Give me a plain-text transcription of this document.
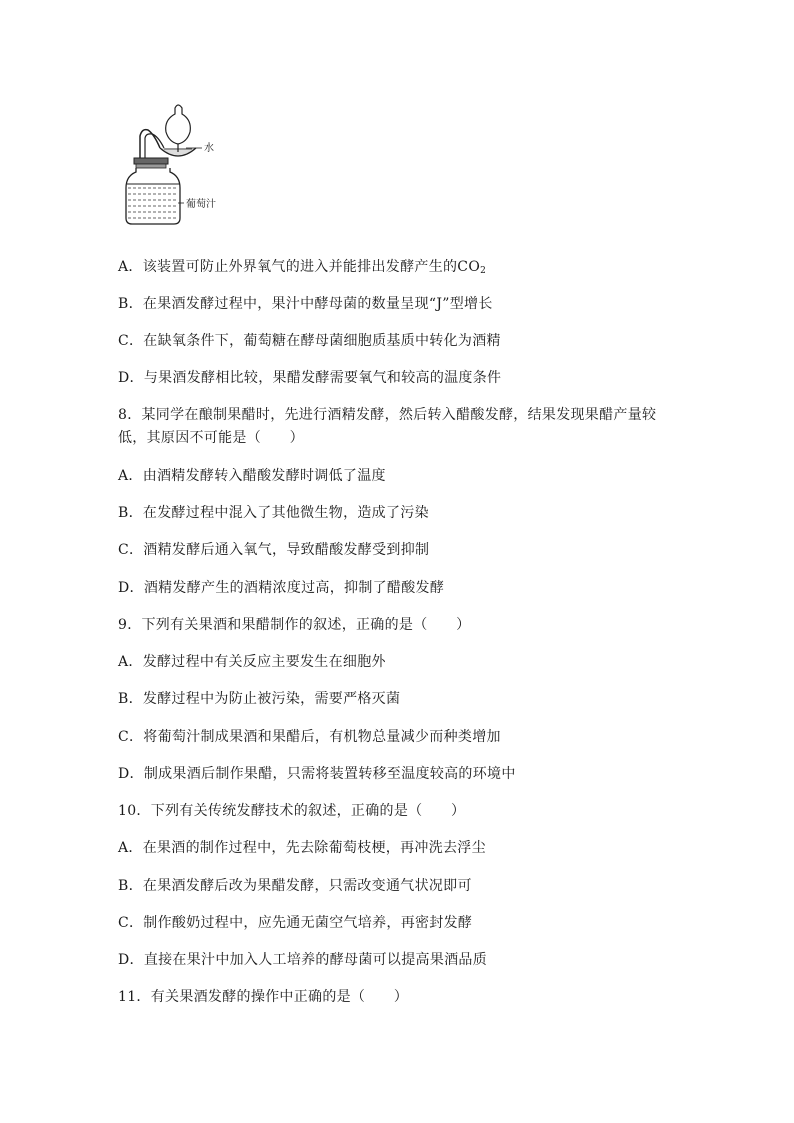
水
葡萄汁
A．该装置可防止外界氧气的进入并能排出发酵产生的$CO_2$
B．在果酒发酵过程中，果汁中酵母菌的数量呈现“J”型增长
C．在缺氧条件下，葡萄糖在酵母菌细胞质基质中转化为酒精
D．与果酒发酵相比较，果醋发酵需要氧气和较高的温度条件
8．某同学在酿制果醋时，先进行酒精发酵，然后转入醋酸发酵，结果发现果醋产量较低，其原因不可能是（　　）
A．由酒精发酵转入醋酸发酵时调低了温度
B．在发酵过程中混入了其他微生物，造成了污染
C．酒精发酵后通入氧气，导致醋酸发酵受到抑制
D．酒精发酵产生的酒精浓度过高，抑制了醋酸发酵
9．下列有关果酒和果醋制作的叙述，正确的是（　　）
A．发酵过程中有关反应主要发生在细胞外
B．发酵过程中为防止被污染，需要严格灭菌
C．将葡萄汁制成果酒和果醋后，有机物总量减少而种类增加
D．制成果酒后制作果醋，只需将装置转移至温度较高的环境中
10．下列有关传统发酵技术的叙述，正确的是（　　）
A．在果酒的制作过程中，先去除葡萄枝梗，再冲洗去浮尘
B．在果酒发酵后改为果醋发酵，只需改变通气状况即可
C．制作酸奶过程中，应先通无菌空气培养，再密封发酵
D．直接在果汁中加入人工培养的酵母菌可以提高果酒品质
11．有关果酒发酵的操作中正确的是（　　）
